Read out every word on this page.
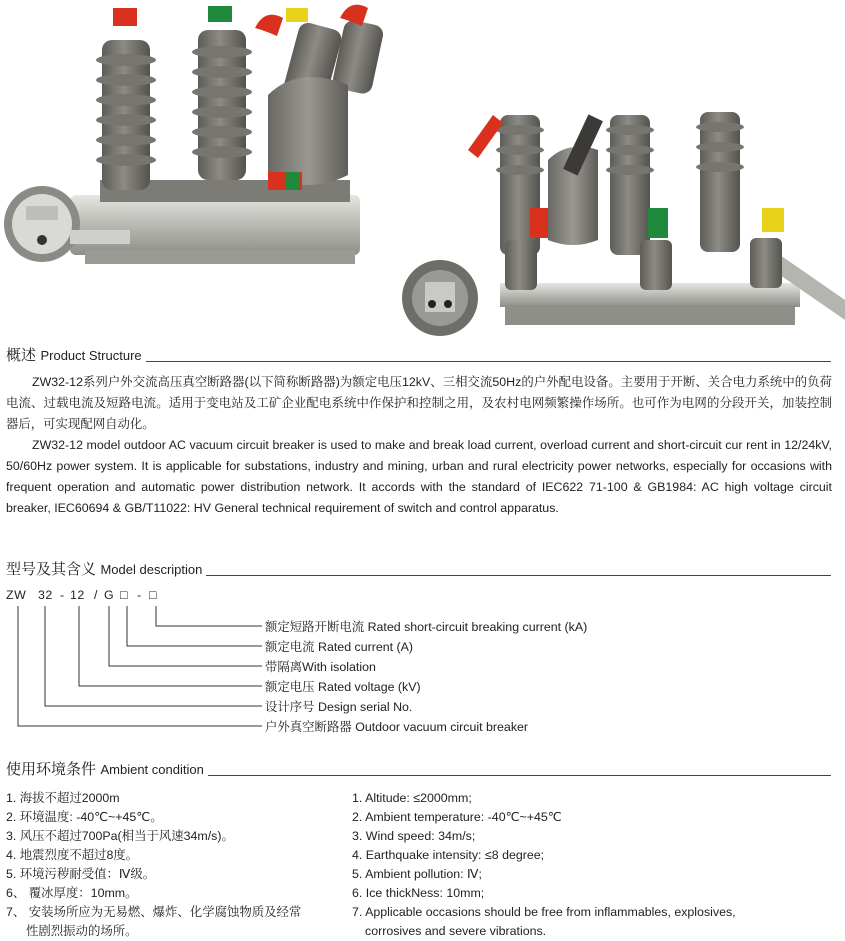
概述 Product Structure

ZW32-12系列户外交流高压真空断路器(以下简称断路器)为额定电压12kV、三相交流50Hz的户外配电设备。主要用于开断、关合电力系统中的负荷电流、过载电流及短路电流。适用于变电站及工矿企业配电系统中作保护和控制之用，及农村电网频繁操作场所。也可作为电网的分段开关，加装控制器后，可实现配网自动化。

ZW32-12 model outdoor AC vacuum circuit breaker is used to make and break load current, overload current and short-circuit cur rent in 12/24kV, 50/60Hz power system. It is applicable for substations, industry and mining, urban and rural electricity power networks, especially for occasions with frequent operation and automatic power distribution network. It accords with the standard of IEC622 71-100 & GB1984: AC high voltage circuit breaker, IEC60694 & GB/T11022: HV General technical requirement of switch and control apparatus.

型号及其含义 Model description
ZW 32 - 12 / G □ - □
额定短路开断电流 Rated short-circuit breaking current (kA)
额定电流 Rated current (A)
带隔离With isolation
额定电压 Rated voltage (kV)
设计序号 Design serial No.
户外真空断路器 Outdoor vacuum circuit breaker
使用环境条件 Ambient condition
1. 海拔不超过2000m
2. 环境温度: -40℃~+45℃。
3. 风压不超过700Pa(相当于风速34m/s)。
4. 地震烈度不超过8度。
5. 环境污秽耐受值：Ⅳ级。
6、 覆冰厚度：10mm。
7、 安装场所应为无易燃、爆炸、化学腐蚀物质及经常
性剧烈振动的场所。
1. Altitude: ≤2000mm;
2. Ambient temperature: -40℃~+45℃
3. Wind speed: 34m/s;
4. Earthquake intensity: ≤8 degree;
5. Ambient pollution: Ⅳ;
6. Ice thickNess: 10mm;
7. Applicable occasions should be free from inflammables, explosives,
corrosives and severe vibrations.
